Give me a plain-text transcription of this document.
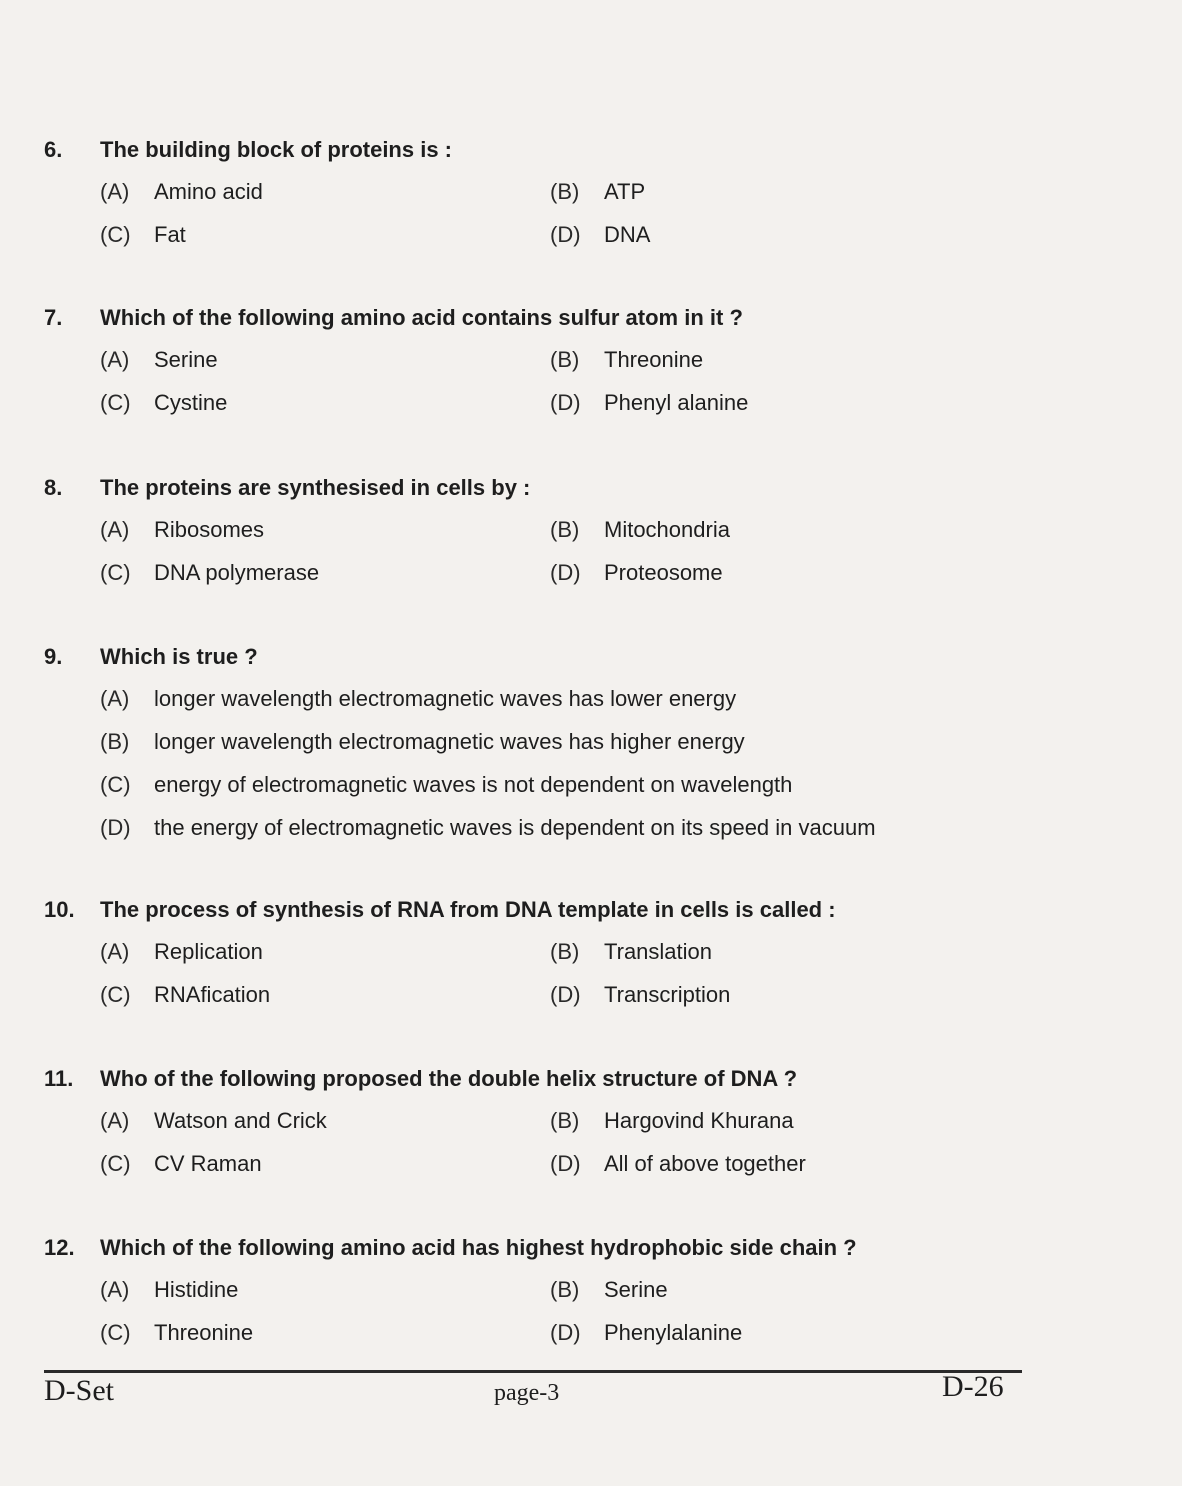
6. The building block of proteins is :
(A) Amino acid	(B) ATP
(C) Fat	(D) DNA
7. Which of the following amino acid contains sulfur atom in it ?
(A) Serine	(B) Threonine
(C) Cystine	(D) Phenyl alanine
8. The proteins are synthesised in cells by :
(A) Ribosomes	(B) Mitochondria
(C) DNA polymerase	(D) Proteosome
9. Which is true ?
(A) longer wavelength electromagnetic waves has lower energy
(B) longer wavelength electromagnetic waves has higher energy
(C) energy of electromagnetic waves is not dependent on wavelength
(D) the energy of electromagnetic waves is dependent on its speed in vacuum
10. The process of synthesis of RNA from DNA template in cells is called :
(A) Replication	(B) Translation
(C) RNAfication	(D) Transcription
11. Who of the following proposed the double helix structure of DNA ?
(A) Watson and Crick	(B) Hargovind Khurana
(C) CV Raman	(D) All of above together
12. Which of the following amino acid has highest hydrophobic side chain ?
(A) Histidine	(B) Serine
(C) Threonine	(D) Phenylalanine
D-Set	page-3	D-26
